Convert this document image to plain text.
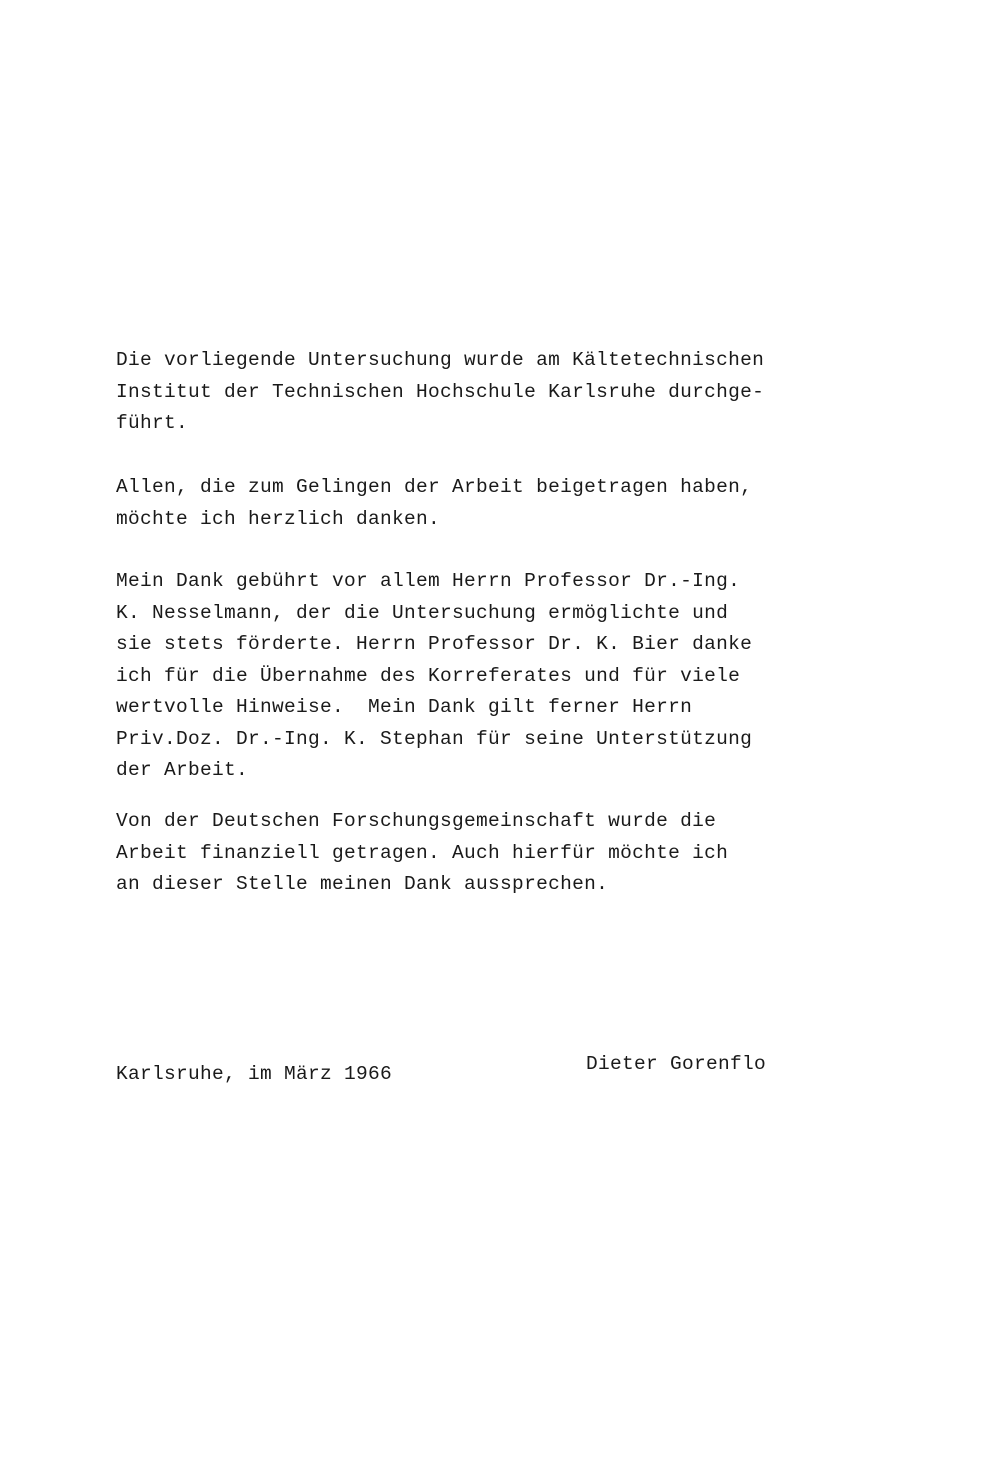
Die vorliegende Untersuchung wurde am Kältetechnischen
Institut der Technischen Hochschule Karlsruhe durchge-
führt.
Allen, die zum Gelingen der Arbeit beigetragen haben,
möchte ich herzlich danken.
Mein Dank gebührt vor allem Herrn Professor Dr.-Ing.
K. Nesselmann, der die Untersuchung ermöglichte und
sie stets förderte. Herrn Professor Dr. K. Bier danke
ich für die Übernahme des Korreferates und für viele
wertvolle Hinweise.  Mein Dank gilt ferner Herrn
Priv.Doz. Dr.-Ing. K. Stephan für seine Unterstützung
der Arbeit.
Von der Deutschen Forschungsgemeinschaft wurde die
Arbeit finanziell getragen. Auch hierfür möchte ich
an dieser Stelle meinen Dank aussprechen.
Karlsruhe, im März 1966	Dieter Gorenflo
